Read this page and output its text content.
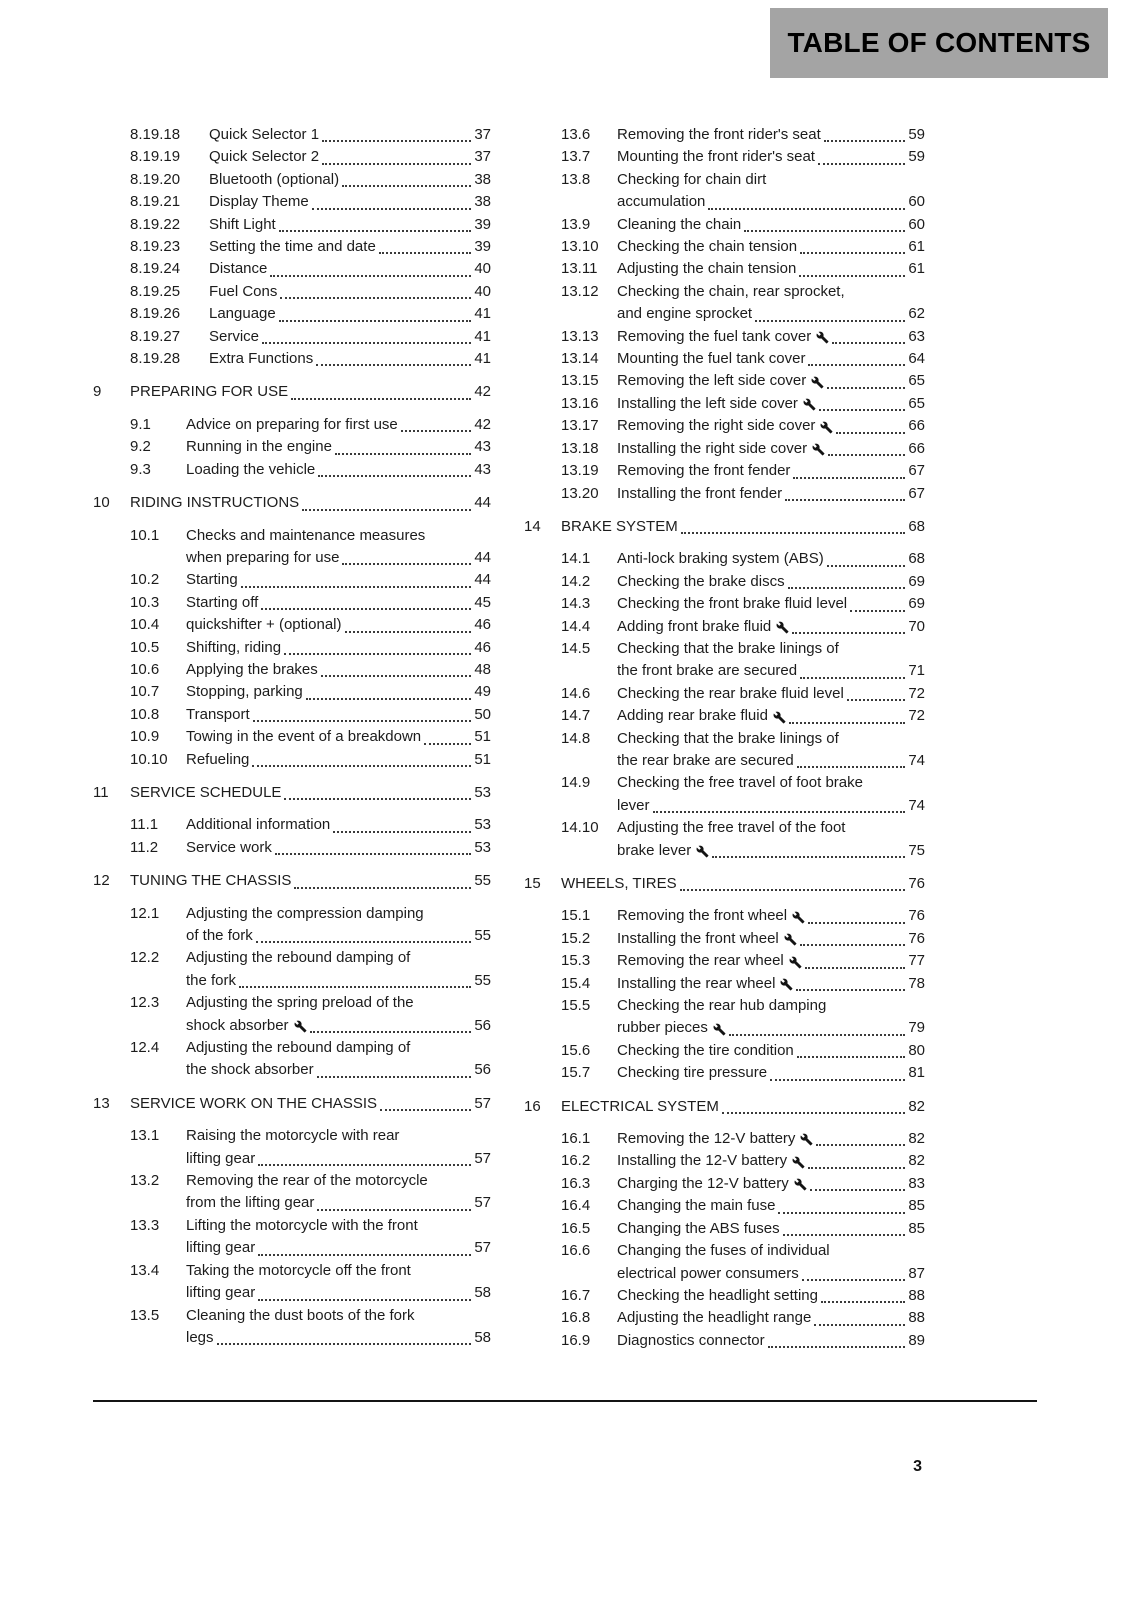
TABLE OF CONTENTS
8.19.18	Quick Selector 1	37
8.19.19	Quick Selector 2	37
8.19.20	Bluetooth (optional)	38
8.19.21	Display Theme	38
8.19.22	Shift Light	39
8.19.23	Setting the time and date	39
8.19.24	Distance	40
8.19.25	Fuel Cons	40
8.19.26	Language	41
8.19.27	Service	41
8.19.28	Extra Functions	41
9	PREPARING FOR USE	42
9.1	Advice on preparing for first use	42
9.2	Running in the engine	43
9.3	Loading the vehicle	43
10	RIDING INSTRUCTIONS	44
10.1	Checks and maintenance measures
when preparing for use	44
10.2	Starting	44
10.3	Starting off	45
10.4	quickshifter + (optional)	46
10.5	Shifting, riding	46
10.6	Applying the brakes	48
10.7	Stopping, parking	49
10.8	Transport	50
10.9	Towing in the event of a breakdown	51
10.10	Refueling	51
11	SERVICE SCHEDULE	53
11.1	Additional information	53
11.2	Service work	53
12	TUNING THE CHASSIS	55
12.1	Adjusting the compression damping
of the fork	55
12.2	Adjusting the rebound damping of
the fork	55
12.3	Adjusting the spring preload of the
shock absorber	56
12.4	Adjusting the rebound damping of
the shock absorber	56
13	SERVICE WORK ON THE CHASSIS	57
13.1	Raising the motorcycle with rear
lifting gear	57
13.2	Removing the rear of the motorcycle
from the lifting gear	57
13.3	Lifting the motorcycle with the front
lifting gear	57
13.4	Taking the motorcycle off the front
lifting gear	58
13.5	Cleaning the dust boots of the fork
legs	58
13.6	Removing the front rider's seat	59
13.7	Mounting the front rider's seat	59
13.8	Checking for chain dirt
accumulation	60
13.9	Cleaning the chain	60
13.10	Checking the chain tension	61
13.11	Adjusting the chain tension	61
13.12	Checking the chain, rear sprocket,
and engine sprocket	62
13.13	Removing the fuel tank cover	63
13.14	Mounting the fuel tank cover	64
13.15	Removing the left side cover	65
13.16	Installing the left side cover	65
13.17	Removing the right side cover	66
13.18	Installing the right side cover	66
13.19	Removing the front fender	67
13.20	Installing the front fender	67
14	BRAKE SYSTEM	68
14.1	Anti-lock braking system (ABS)	68
14.2	Checking the brake discs	69
14.3	Checking the front brake fluid level	69
14.4	Adding front brake fluid	70
14.5	Checking that the brake linings of
the front brake are secured	71
14.6	Checking the rear brake fluid level	72
14.7	Adding rear brake fluid	72
14.8	Checking that the brake linings of
the rear brake are secured	74
14.9	Checking the free travel of foot brake
lever	74
14.10	Adjusting the free travel of the foot
brake lever	75
15	WHEELS, TIRES	76
15.1	Removing the front wheel	76
15.2	Installing the front wheel	76
15.3	Removing the rear wheel	77
15.4	Installing the rear wheel	78
15.5	Checking the rear hub damping
rubber pieces	79
15.6	Checking the tire condition	80
15.7	Checking tire pressure	81
16	ELECTRICAL SYSTEM	82
16.1	Removing the 12-V battery	82
16.2	Installing the 12-V battery	82
16.3	Charging the 12-V battery	83
16.4	Changing the main fuse	85
16.5	Changing the ABS fuses	85
16.6	Changing the fuses of individual
electrical power consumers	87
16.7	Checking the headlight setting	88
16.8	Adjusting the headlight range	88
16.9	Diagnostics connector	89
3
